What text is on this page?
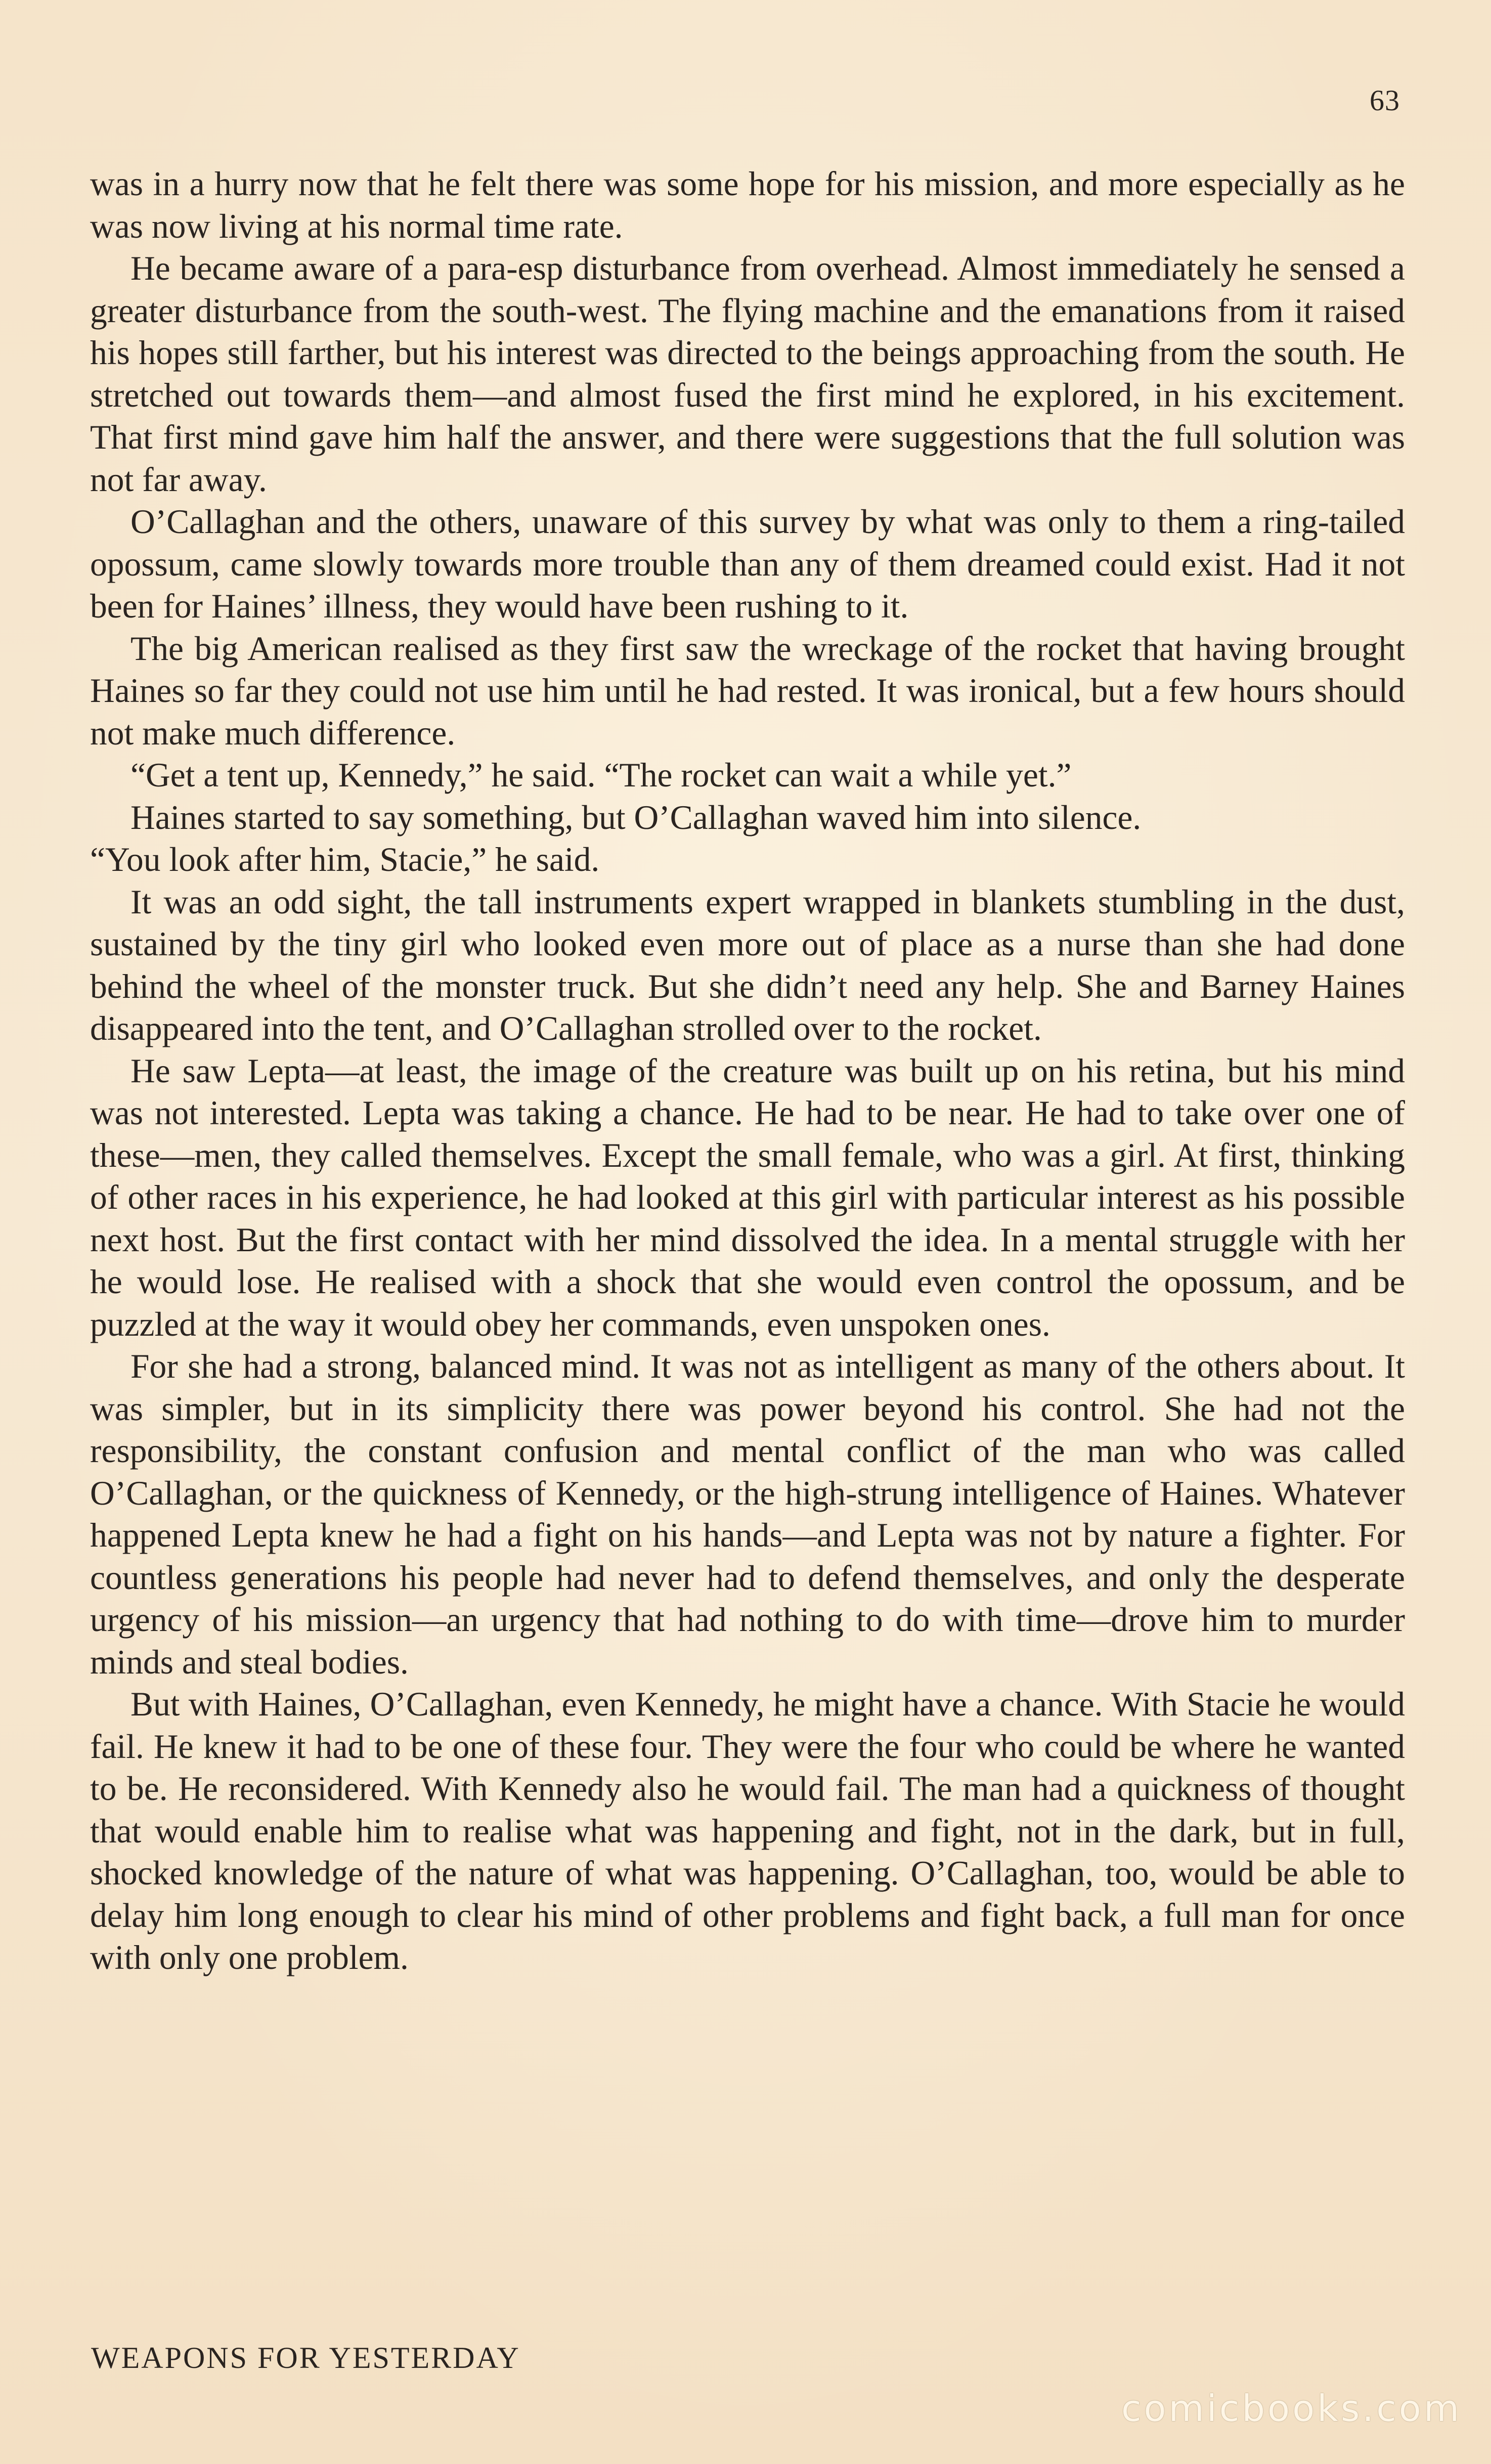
63

was in a hurry now that he felt there was some hope for his mission, and more especially as he was now living at his normal time rate.

He became aware of a para-esp disturbance from overhead. Almost immediately he sensed a greater disturbance from the south-west. The flying machine and the emanations from it raised his hopes still farther, but his interest was directed to the beings approaching from the south. He stretched out towards them—and almost fused the first mind he explored, in his excitement. That first mind gave him half the answer, and there were suggestions that the full solution was not far away.

O’Callaghan and the others, unaware of this survey by what was only to them a ring-tailed opossum, came slowly towards more trouble than any of them dreamed could exist. Had it not been for Haines’ illness, they would have been rushing to it.

The big American realised as they first saw the wreckage of the rocket that having brought Haines so far they could not use him until he had rested. It was ironical, but a few hours should not make much difference.

“Get a tent up, Kennedy,” he said. “The rocket can wait a while yet.”

Haines started to say something, but O’Callaghan waved him into silence.

“You look after him, Stacie,” he said.

It was an odd sight, the tall instruments expert wrapped in blankets stumbling in the dust, sustained by the tiny girl who looked even more out of place as a nurse than she had done behind the wheel of the monster truck. But she didn’t need any help. She and Barney Haines disappeared into the tent, and O’Callaghan strolled over to the rocket.

He saw Lepta—at least, the image of the creature was built up on his retina, but his mind was not interested. Lepta was taking a chance. He had to be near. He had to take over one of these—men, they called themselves. Except the small female, who was a girl. At first, thinking of other races in his experience, he had looked at this girl with particular interest as his possible next host. But the first contact with her mind dissolved the idea. In a mental struggle with her he would lose. He realised with a shock that she would even control the opossum, and be puzzled at the way it would obey her commands, even unspoken ones.

For she had a strong, balanced mind. It was not as intelligent as many of the others about. It was simpler, but in its simplicity there was power beyond his control. She had not the responsibility, the constant confusion and mental conflict of the man who was called O’Callaghan, or the quickness of Kennedy, or the high-strung intelligence of Haines. Whatever happened Lepta knew he had a fight on his hands—and Lepta was not by nature a fighter. For countless generations his people had never had to defend themselves, and only the desperate urgency of his mission—an urgency that had nothing to do with time—drove him to murder minds and steal bodies.

But with Haines, O’Callaghan, even Kennedy, he might have a chance. With Stacie he would fail. He knew it had to be one of these four. They were the four who could be where he wanted to be. He reconsidered. With Kennedy also he would fail. The man had a quickness of thought that would enable him to realise what was happening and fight, not in the dark, but in full, shocked knowledge of the nature of what was happening. O’Callaghan, too, would be able to delay him long enough to clear his mind of other problems and fight back, a full man for once with only one problem.

WEAPONS FOR YESTERDAY
comicbooks.com
